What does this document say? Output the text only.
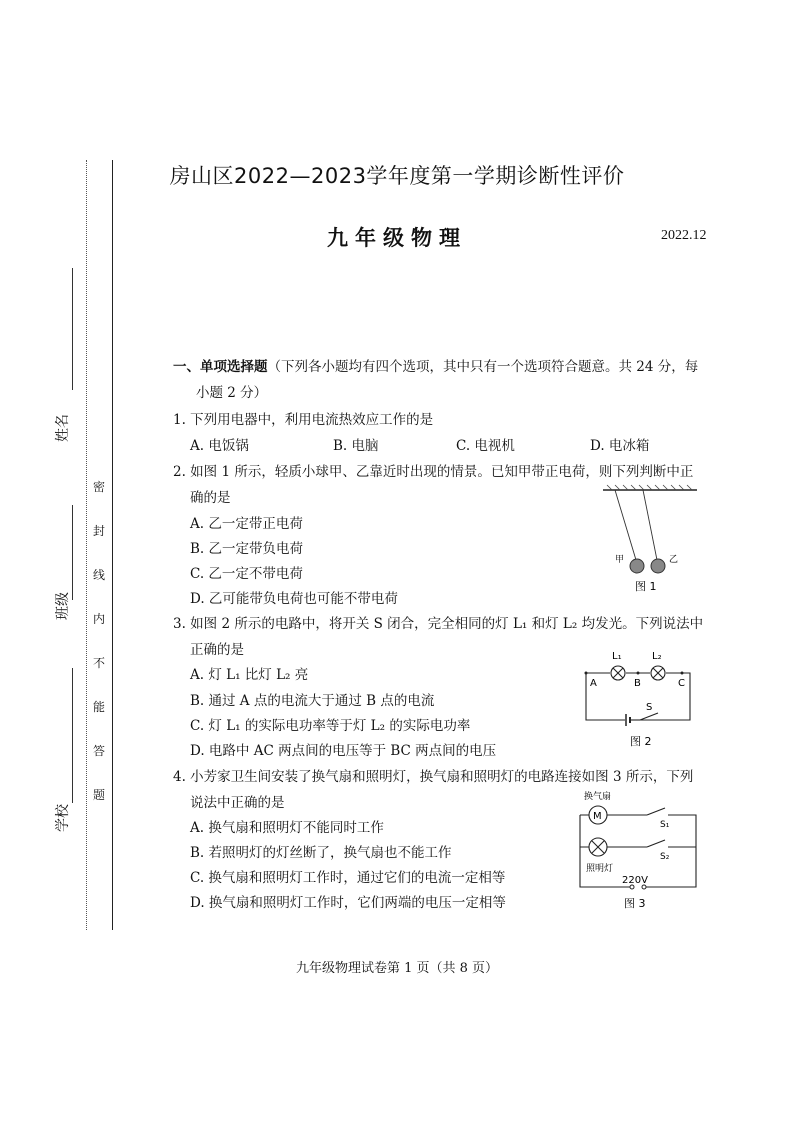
姓名
班级
学校
密
封
线
内
不
能
答
题
房山区2022—2023学年度第一学期诊断性评价
九年级物理	2022.12
一、单项选择题（下列各小题均有四个选项，其中只有一个选项符合题意。共 24 分，每
小题 2 分）
1. 下列用电器中，利用电流热效应工作的是
A. 电饭锅	B. 电脑	C. 电视机	D. 电冰箱
2. 如图 1 所示，轻质小球甲、乙靠近时出现的情景。已知甲带正电荷，则下列判断中正
确的是
A. 乙一定带正电荷
B. 乙一定带负电荷
C. 乙一定不带电荷
D. 乙可能带负电荷也可能不带电荷
甲	乙
图 1
3. 如图 2 所示的电路中，将开关 S 闭合，完全相同的灯 L₁ 和灯 L₂ 均发光。下列说法中
正确的是
A. 灯 L₁ 比灯 L₂ 亮
B. 通过 A 点的电流大于通过 B 点的电流
C. 灯 L₁ 的实际电功率等于灯 L₂ 的实际电功率
D. 电路中 AC 两点间的电压等于 BC 两点间的电压
L₁	L₂
A	B	C
S
图 2
4. 小芳家卫生间安装了换气扇和照明灯，换气扇和照明灯的电路连接如图 3 所示，下列
说法中正确的是
A. 换气扇和照明灯不能同时工作
B. 若照明灯的灯丝断了，换气扇也不能工作
C. 换气扇和照明灯工作时，通过它们的电流一定相等
D. 换气扇和照明灯工作时，它们两端的电压一定相等
换气扇
M
S₁
S₂
照明灯
220V
图 3
九年级物理试卷第 1 页（共 8 页）
